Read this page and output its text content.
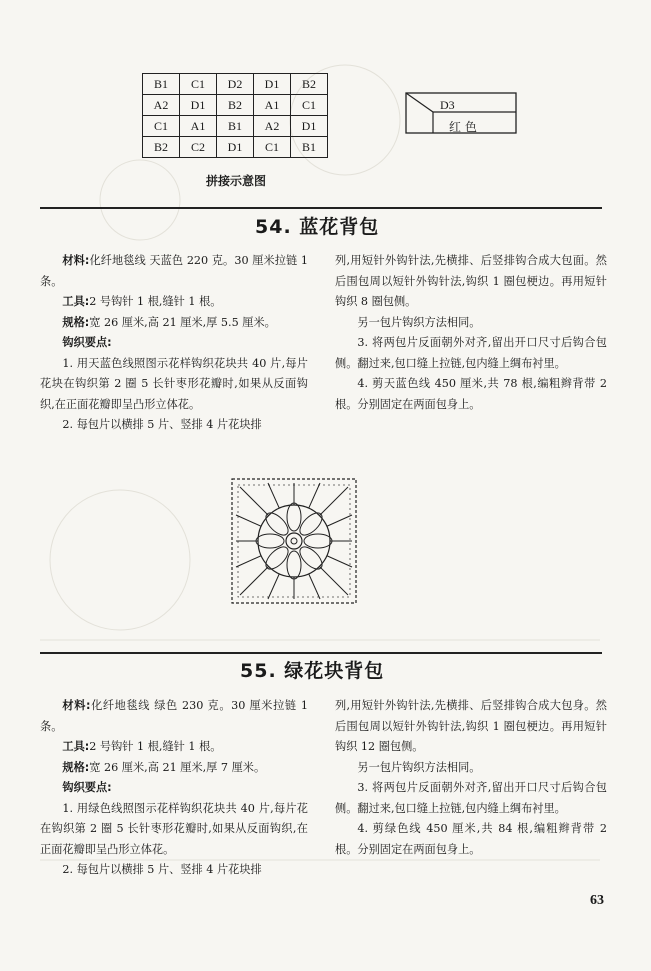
B1	C1	D2	D1	B2
A2	D1	B2	A1	C1
C1	A1	B1	A2	D1
B2	C2	D1	C1	B1
拼接示意图
D3
红 色
54. 蓝花背包

材料:化纤地毯线 天蓝色 220 克。30 厘米拉链 1 条。

工具:2 号钩针 1 根,缝针 1 根。

规格:宽 26 厘米,高 21 厘米,厚 5.5 厘米。

钩织要点:

1. 用天蓝色线照图示花样钩织花块共 40 片,每片花块在钩织第 2 圈 5 长针枣形花瓣时,如果从反面钩织,在正面花瓣即呈凸形立体花。

2. 每包片以横排 5 片、竖排 4 片花块排

列,用短针外钩针法,先横排、后竖排钩合成大包面。然后围包周以短针外钩针法,钩织 1 圈包梗边。再用短针钩织 8 圈包侧。

另一包片钩织方法相同。

3. 将两包片反面朝外对齐,留出开口尺寸后钩合包侧。翻过来,包口缝上拉链,包内缝上绸布衬里。

4. 剪天蓝色线 450 厘米,共 78 根,编粗辫背带 2 根。分别固定在两面包身上。

55. 绿花块背包

材料:化纤地毯线 绿色 230 克。30 厘米拉链 1 条。

工具:2 号钩针 1 根,缝针 1 根。

规格:宽 26 厘米,高 21 厘米,厚 7 厘米。

钩织要点:

1. 用绿色线照图示花样钩织花块共 40 片,每片花在钩织第 2 圈 5 长针枣形花瓣时,如果从反面钩织,在正面花瓣即呈凸形立体花。

2. 每包片以横排 5 片、竖排 4 片花块排

列,用短针外钩针法,先横排、后竖排钩合成大包身。然后围包周以短针外钩针法,钩织 1 圈包梗边。再用短针钩织 12 圈包侧。

另一包片钩织方法相同。

3. 将两包片反面朝外对齐,留出开口尺寸后钩合包侧。翻过来,包口缝上拉链,包内缝上绸布衬里。

4. 剪绿色线 450 厘米,共 84 根,编粗辫背带 2 根。分别固定在两面包身上。

63
